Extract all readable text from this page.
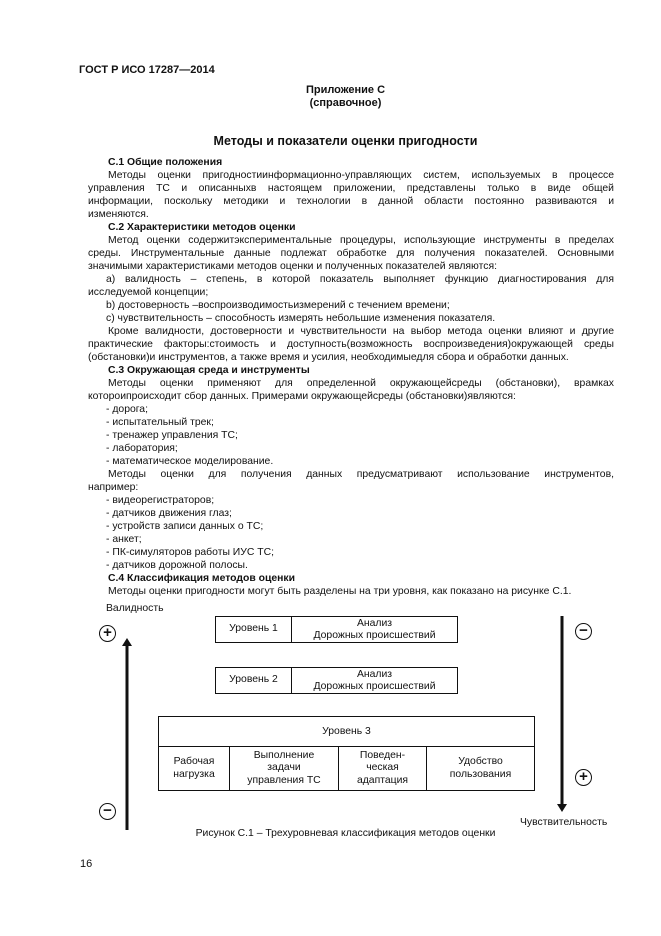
ГОСТ Р ИСО 17287—2014
Приложение С
(справочное)
Методы и показатели оценки пригодности
С.1 Общие положения
Методы оценки пригодностиинформационно-управляющих систем, используемых в процессе
управления ТС и описанныхв настоящем приложении, представлены только в виде общей
информации, поскольку методики и технологии в данной области постоянно развиваются и
изменяются.
С.2 Характеристики методов оценки
Метод оценки содержитэкспериментальные процедуры, использующие инструменты в пределах
среды. Инструментальные данные подлежат обработке для получения показателей. Основными
значимыми характеристиками методов оценки и полученных показателей являются:
a) валидность – степень, в которой показатель выполняет функцию диагностирования для
исследуемой концепции;
b) достоверность –воспроизводимостьизмерений с течением времени;
c) чувствительность – способность измерять небольшие изменения показателя.
Кроме валидности, достоверности и чувствительности на выбор метода оценки влияют и другие
практические факторы:стоимость и доступность(возможность воспроизведения)окружающей среды
(обстановки)и инструментов, а также время и усилия, необходимыедля сбора и обработки данных.
С.3 Окружающая среда и инструменты
Методы оценки применяют для определенной окружающейсреды (обстановки), врамках
котороипроисходит сбор данных. Примерами окружающейсреды (обстановки)являются:
- дорога;
- испытательный трек;
- тренажер управления ТС;
- лаборатория;
- математическое моделирование.
Методы оценки для получения данных предусматривают использование инструментов,
например:
- видеорегистраторов;
- датчиков движения глаз;
- устройств записи данных о ТС;
- анкет;
- ПК-симуляторов работы ИУС ТС;
- датчиков дорожной полосы.
С.4 Классификация методов оценки
Методы оценки пригодности могут быть разделены на три уровня, как показано на рисунке С.1.
Валидность
Чувствительность
+
−
−
+
Уровень 1	Анализ
Дорожных происшествий
Уровень 2	Анализ
Дорожных происшествий
Уровень 3
Рабочая
нагрузка
Выполнение
задачи
управления ТС
Поведен-
ческая
адаптация
Удобство
пользования

Рисунок С.1 – Трехуровневая классификация методов оценки
16
